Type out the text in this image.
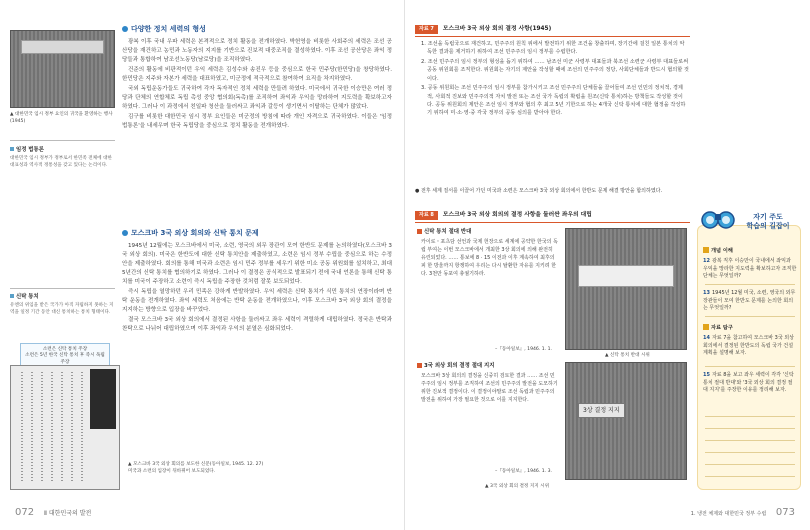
▲ 대한민국 임시 정부 요인의 귀국을 환영하는 행사(1945)
임정 법통론
대한민국 임시 정부가 정부로서 한민족 전체에 대한 대표성과 역사적 정통성을 갖고 있다는 논리이다.
신탁 통치
유엔의 위임을 받은 국가가 아직 자립하지 못하는 지역을 일정 기간 동안 대신 통치하는 통치 형태이다.
소련은 신탁 통치 주장
소련은 5년 한국 신탁 통치 후 즉시 독립 주장
다양한 정치 세력의 형성

광복 이후 국내 우파 세력은 본격적으로 정치 활동을 전개하였다. 박헌영을 비롯한 사회주의 세력은 조선 공산당을 재건하고 농민과 노동자의 지지를 기반으로 진보적 대중조직을 결성하였다. 이후 조선 공산당은 좌익 정당들과 통합하여 남조선노동당(남로당)을 조직하였다.

건준의 활동에 비판적이던 우익 세력은 김성수와 송진우 등을 중심으로 한국 민주당(한민당)을 창당하였다. 한민당은 지주와 자본가 세력을 대표하였고, 미군정에 적극적으로 참여하여 요직을 차지하였다.

국외 독립운동가들도 귀국하여 각자 독자적인 정치 세력을 만들려 하였다. 미국에서 귀국한 이승만은 여러 정당과 단체의 연합체로 독립 촉성 중앙 협의회(독촉)를 조직하여 좌익과 우익을 망라하여 지도력을 확보하고자 하였다. 그러나 이 과정에서 친일파 청산을 둘러싸고 좌익과 갈등이 생기면서 이탈하는 단체가 많았다.

김구를 비롯한 대한민국 임시 정부 요인들은 미군정의 방침에 따라 개인 자격으로 귀국하였다. 이들은 '임정 법통론'을 내세우며 한국 독립당을 중심으로 정치 활동을 전개하였다.

모스크바 3국 외상 회의와 신탁 통치 문제

1945년 12월에는 모스크바에서 미국, 소련, 영국의 외무 장관이 모여 한반도 문제를 논의하였다(모스크바 3국 외상 회의). 미국은 한반도에 대한 신탁 통치안을 제출하였고, 소련은 임시 정부 수립을 중심으로 하는 수정안을 제출하였다. 회의를 통해 미국과 소련은 임시 민주 정부를 세우기 위한 미소 공동 위원회를 설치하고, 최대 5년간의 신탁 통치를 협의하기로 하였다. 그러나 이 결정은 공식적으로 발표되기 전에 국내 언론을 통해 신탁 통치를 미국이 주장하고 소련이 즉시 독립을 주장한 것처럼 잘못 보도되었다.

즉시 독립을 열망하던 우리 민족은 강하게 반발하였다. 우익 세력은 신탁 통치가 식민 통치의 연장이라며 반탁 운동을 전개하였다. 좌익 세력도 처음에는 반탁 운동을 전개하였으나, 이후 모스크바 3국 외상 회의 결정을 지지하는 방향으로 입장을 바꾸었다.

결국 모스크바 3국 외상 회의에서 결정된 사항을 둘러싸고 좌우 세력이 격렬하게 대립하였다. 정국은 반탁과 찬탁으로 나뉘어 대립하였으며 이후 좌익과 우익의 분열은 심화되었다.

▲ 모스크바 3국 외상 회의를 보도한 신문(동아일보, 1945. 12. 27)
미국과 소련의 입장이 뒤바뀌어 보도되었다.
072 Ⅱ 대한민국의 발전
자료 7	모스크바 3국 외상 회의 결정 사항(1945)

1. 조선을 독립국으로 재건하고, 민주주의 원칙 위에서 발전하기 위한 조건을 창출하며, 장기간에 걸친 일본 통치의 악독한 결과를 제거하기 위하여 조선 민주주의 임시 정부를 수립한다.

2. 조선 민주주의 임시 정부의 형성을 돕기 위하여 …… 남조선 미군 사령부 대표들과 북조선 소련군 사령부 대표들로써 공동 위원회를 조직한다. 위원회는 자기의 제안을 작성할 때에 조선의 민주주의 정당, 사회단체들과 반드시 협의할 것이다.

3. 공동 위원회는 조선 민주주의 임시 정부를 참가시키고 조선 민주주의 단체들을 끌어들여 조선 인민의 정치적, 경제적, 사회적 진보와 민주주의적 자치 발전 또는 조선 국가 독립의 확립을 원조(신탁 통치)하는 방책들도 작성할 것이다. 공동 위원회의 제안은 조선 임시 정부와 협의 후 최고 5년 기한으로 하는 4개국 신탁 통치에 대한 협정을 작성하기 위하여 미·소·영·중 각국 정부의 공동 심의를 받아야 한다.

● 전후 세계 질서를 이끌어 가던 미국과 소련은 모스크바 3국 외상 회의에서 한반도 문제 해결 방안을 합의하였다.
자료 8	모스크바 3국 외상 회의의 결정 사항을 둘러싼 좌우의 대립
신탁 통치 절대 반대
카이로・포츠담 선언과 국제 헌장으로 세계에 공약한 한국의 독립 부여는 이번 모스크바에서 개최한 3상 회의에 의해 완전히 유린되었다. …… 통보에 8 · 15 이전과 이후 계속하여 최후의 피 한 방울까지 항쟁하여 우리는 다시 탈환한 자유를 지키려 한다. 3천만 동포여 총궐기하라.
–『동아일보』, 1946. 1. 1.
▲ 신탁 통치 반대 시위
3국 외상 회의 결정 절대 지지
모스크바 3상 회의의 결정을 신중히 검토한 결과 …… 조선 민주주의 임시 정부를 조직하여 조선의 민주주의 발전을 도모하기 위한 진보적 결정이다. 이 결정이야말로 조선 독립과 민주주의 발전을 위하여 가장 필요한 것으로 이를 지지한다.
–『동아일보』, 1946. 1. 3.
3상 결정 지지
▲ 3국 외상 회의 결정 지지 시위
자기 주도
학습의 길잡이
개념 이해
12 광복 직후 이승만이 국내에서 좌익과 우익을 망라한 지도력을 확보하고자 조직한 단체는 무엇일까?
13 1945년 12월 미국, 소련, 영국의 외무 장관들이 모여 한반도 문제를 논의한 회의는 무엇일까?
자료 탐구
14 자료 7을 참고하여 모스크바 3국 외상 회의에서 결정된 한반도의 독립 국가 건설 계획을 설명해 보자.
15 자료 8을 보고 좌우 세력이 각각 '신탁 통치 절대 반대'와 '3국 외상 회의 결정 절대 지지'를 주장한 이유를 정리해 보자.
1. 냉전 체제와 대한민국 정부 수립 073
